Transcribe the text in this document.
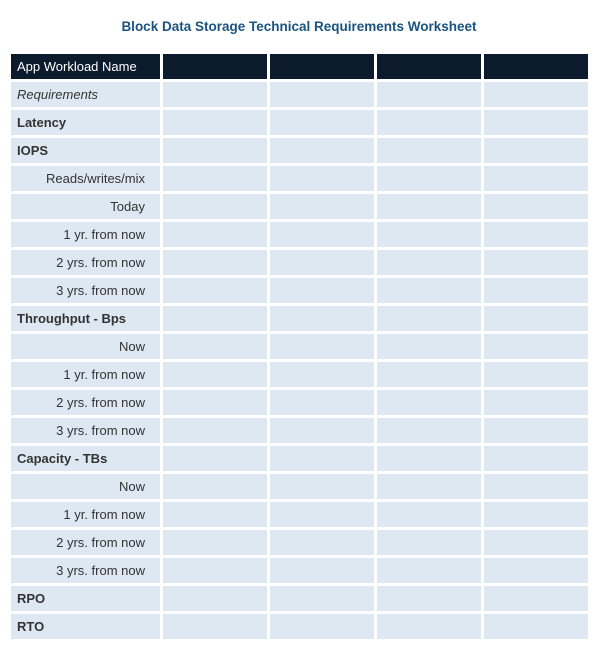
Block Data Storage Technical Requirements Worksheet
App Workload Name				
Requirements				
Latency				
IOPS				
Reads/writes/mix				
Today				
1 yr. from now				
2 yrs. from now				
3 yrs. from now				
Throughput - Bps				
Now				
1 yr. from now				
2 yrs. from now				
3 yrs. from now				
Capacity - TBs				
Now				
1 yr. from now				
2 yrs. from now				
3 yrs. from now				
RPO				
RTO				
